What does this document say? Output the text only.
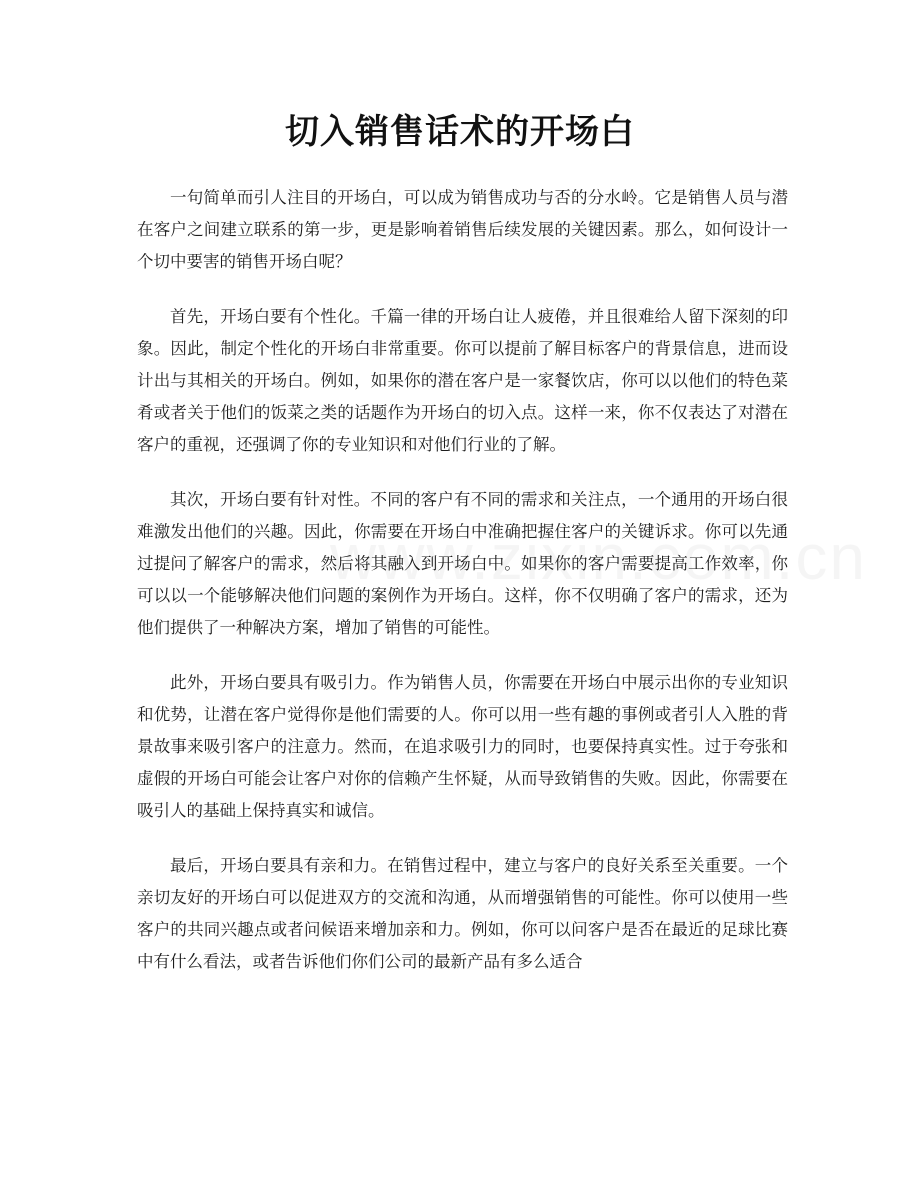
切入销售话术的开场白

一句简单而引人注目的开场白，可以成为销售成功与否的分水岭。它是销售人员与潜在客户之间建立联系的第一步，更是影响着销售后续发展的关键因素。那么，如何设计一个切中要害的销售开场白呢？

首先，开场白要有个性化。千篇一律的开场白让人疲倦，并且很难给人留下深刻的印象。因此，制定个性化的开场白非常重要。你可以提前了解目标客户的背景信息，进而设计出与其相关的开场白。例如，如果你的潜在客户是一家餐饮店，你可以以他们的特色菜肴或者关于他们的饭菜之类的话题作为开场白的切入点。这样一来，你不仅表达了对潜在客户的重视，还强调了你的专业知识和对他们行业的了解。

其次，开场白要有针对性。不同的客户有不同的需求和关注点，一个通用的开场白很难激发出他们的兴趣。因此，你需要在开场白中准确把握住客户的关键诉求。你可以先通过提问了解客户的需求，然后将其融入到开场白中。如果你的客户需要提高工作效率，你可以以一个能够解决他们问题的案例作为开场白。这样，你不仅明确了客户的需求，还为他们提供了一种解决方案，增加了销售的可能性。

此外，开场白要具有吸引力。作为销售人员，你需要在开场白中展示出你的专业知识和优势，让潜在客户觉得你是他们需要的人。你可以用一些有趣的事例或者引人入胜的背景故事来吸引客户的注意力。然而，在追求吸引力的同时，也要保持真实性。过于夸张和虚假的开场白可能会让客户对你的信赖产生怀疑，从而导致销售的失败。因此，你需要在吸引人的基础上保持真实和诚信。

最后，开场白要具有亲和力。在销售过程中，建立与客户的良好关系至关重要。一个亲切友好的开场白可以促进双方的交流和沟通，从而增强销售的可能性。你可以使用一些客户的共同兴趣点或者问候语来增加亲和力。例如，你可以问客户是否在最近的足球比赛中有什么看法，或者告诉他们你们公司的最新产品有多么适合
